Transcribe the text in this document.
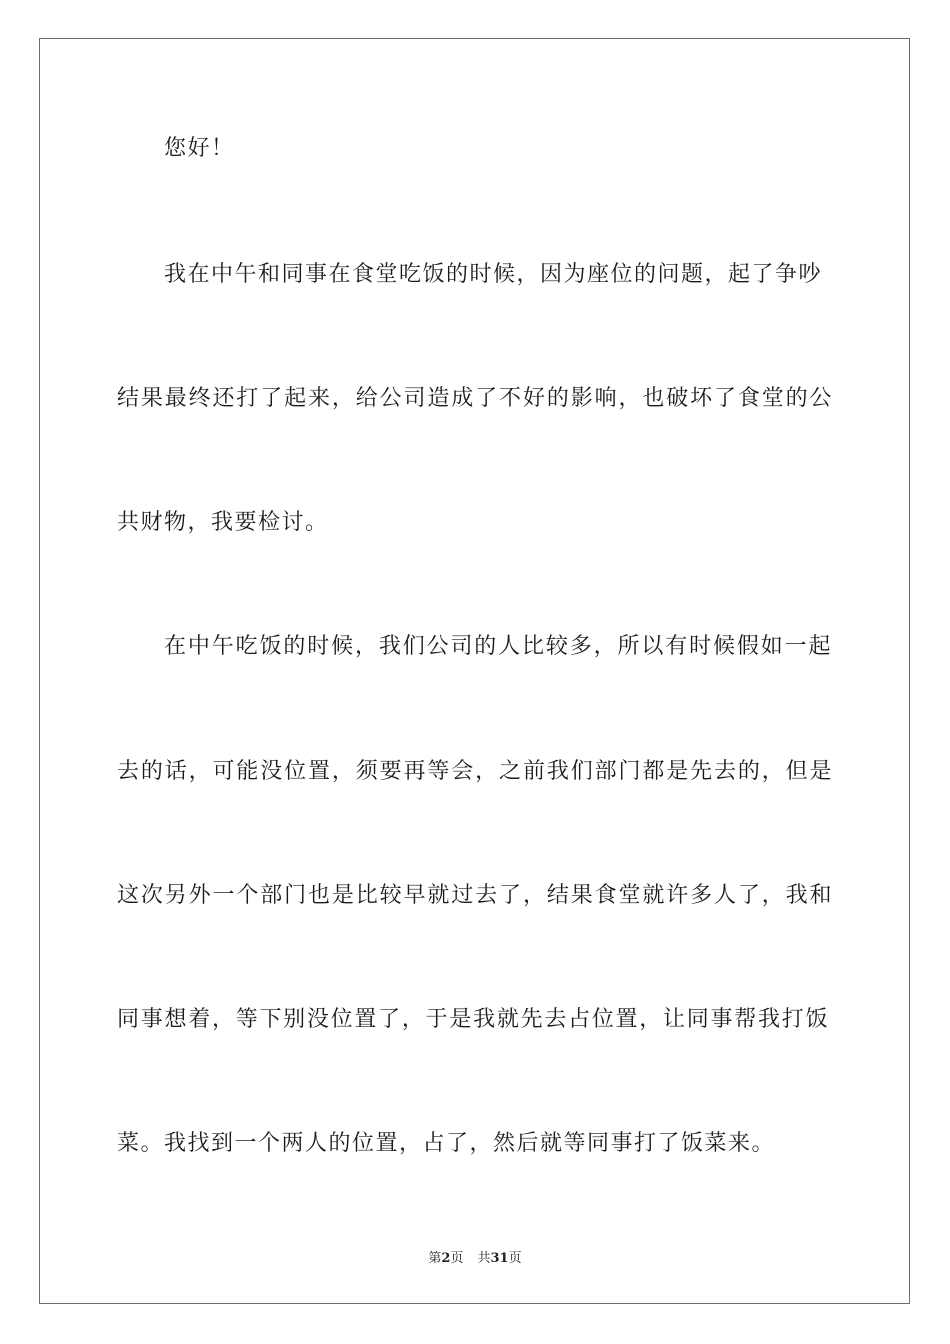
您好！
我在中午和同事在食堂吃饭的时候，因为座位的问题，起了争吵
结果最终还打了起来，给公司造成了不好的影响，也破坏了食堂的公
共财物，我要检讨。
在中午吃饭的时候，我们公司的人比较多，所以有时候假如一起
去的话，可能没位置，须要再等会，之前我们部门都是先去的，但是
这次另外一个部门也是比较早就过去了，结果食堂就许多人了，我和
同事想着，等下别没位置了，于是我就先去占位置，让同事帮我打饭
菜。我找到一个两人的位置，占了，然后就等同事打了饭菜来。
第2页 共31页
